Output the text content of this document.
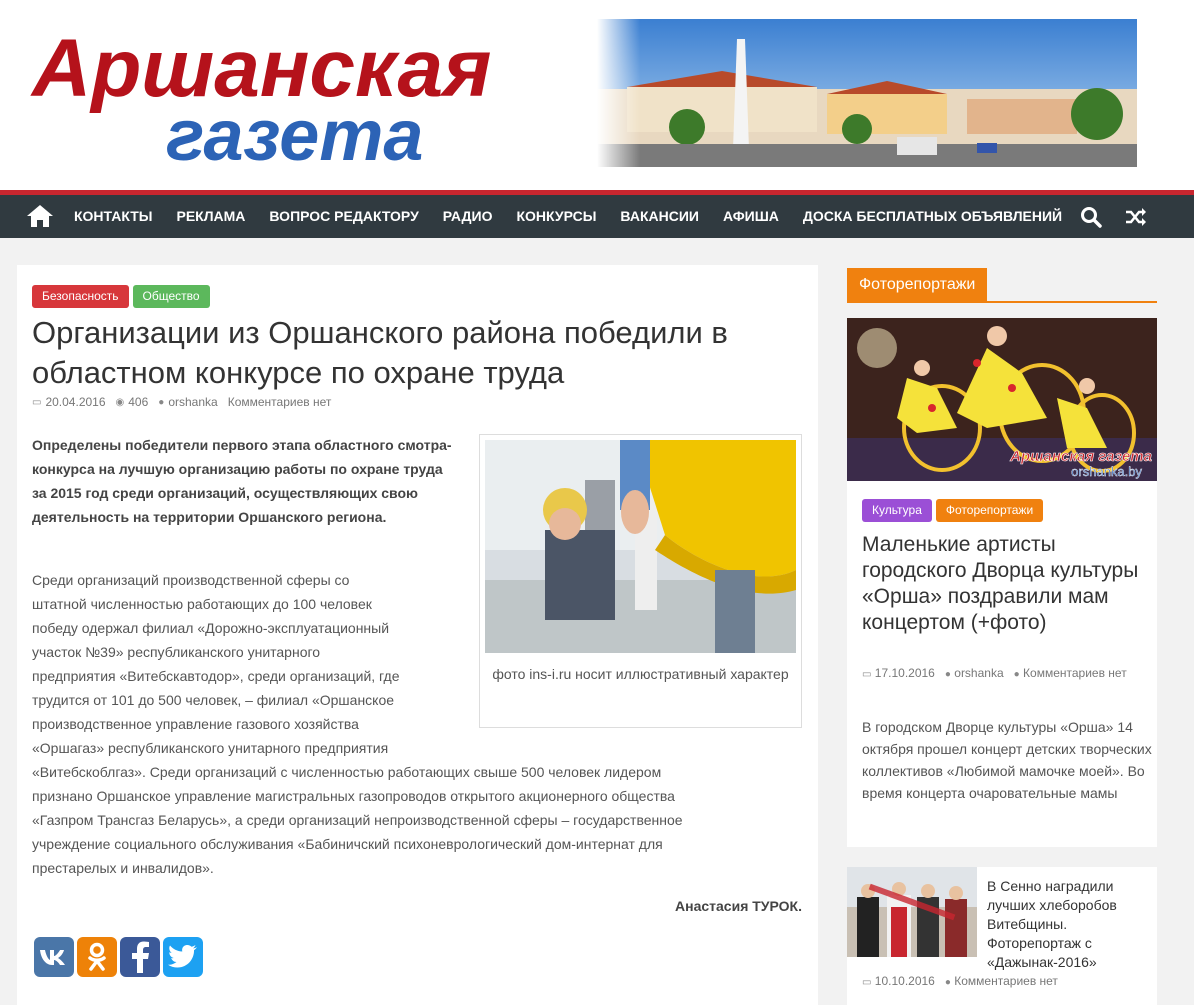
Аршанская
газета
КОНТАКТЫ	РЕКЛАМА	ВОПРОС РЕДАКТОРУ	РАДИО	КОНКУРСЫ	ВАКАНСИИ	АФИША	ДОСКА БЕСПЛАТНЫХ ОБЪЯВЛЕНИЙ
Безопасность	Общество
Организации из Оршанского района победили в областном конкурсе по охране труда
▭ 20.04.2016 ◉ 406 ● orshanka Комментариев нет
Определены победители первого этапа областного смотра-конкурса на лучшую организацию работы по охране труда за 2015 год среди организаций, осуществляющих свою деятельность на территории Оршанского региона.
фото ins-i.ru носит иллюстративный характер
Среди организаций производственной сферы со
штатной численностью работающих до 100 человек
победу одержал филиал «Дорожно-эксплуатационный
участок №39» республиканского унитарного
предприятия «Витебскавтодор», среди организаций, где
трудится от 101 до 500 человек, – филиал «Оршанское
производственное управление газового хозяйства
«Оршагаз» республиканского унитарного предприятия
«Витебскоблгаз». Среди организаций с численностью работающих свыше 500 человек лидером
признано Оршанское управление магистральных газопроводов открытого акционерного общества
«Газпром Трансгаз Беларусь», а среди организаций непроизводственной сферы – государственное
учреждение социального обслуживания «Бабиничский психоневрологический дом-интернат для
престарелых и инвалидов».
Анастасия ТУРОК.
Фоторепортажи
Аршанская газета
orshanka.by
Культура	Фоторепортажи
Маленькие артисты городского Дворца культуры «Орша» поздравили мам концертом (+фото)
▭ 17.10.2016 ● orshanka ● Комментариев нет
В городском Дворце культуры «Орша» 14 октября прошел концерт детских творческих коллективов «Любимой мамочке моей». Во время концерта очаровательные мамы
В Сенно наградили лучших хлеборобов Витебщины. Фоторепортаж с «Дажынак-2016»
▭ 10.10.2016 ● Комментариев нет
